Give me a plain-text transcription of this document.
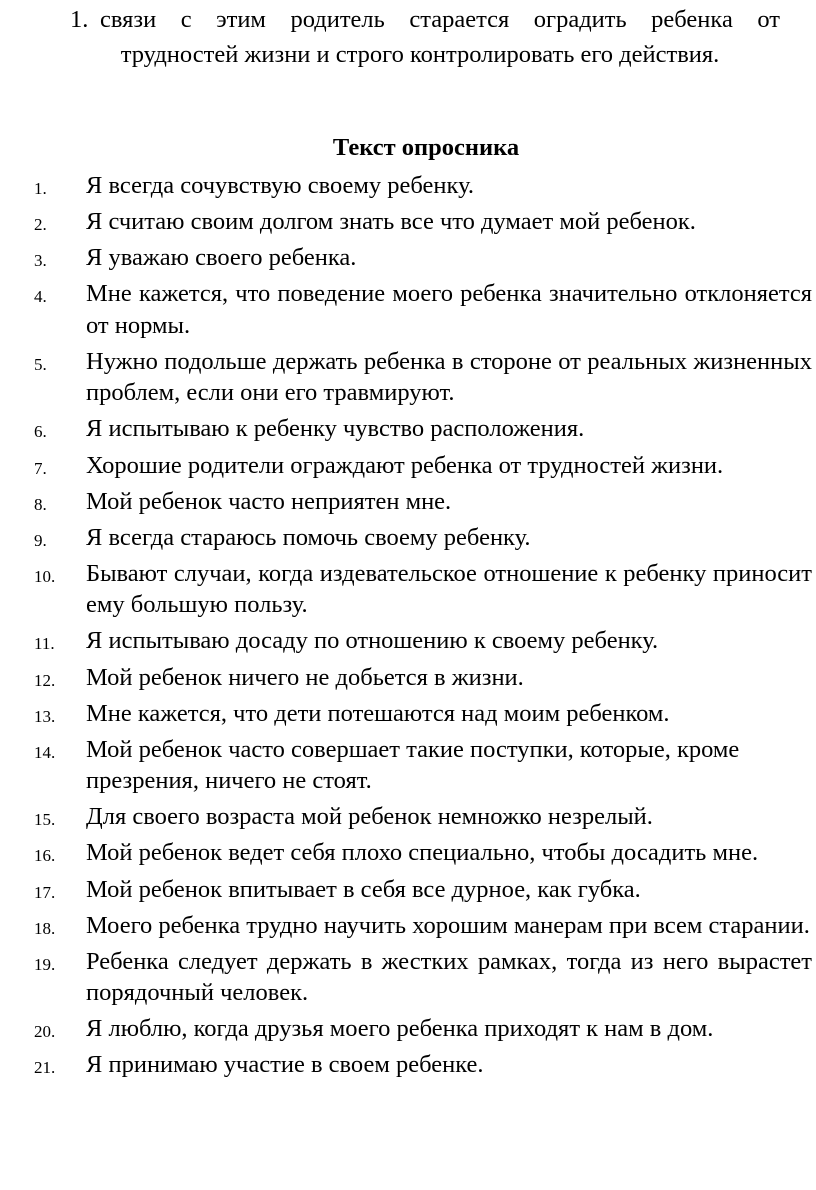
1. связи с этим родитель старается оградить ребенка от
трудностей жизни и строго контролировать его действия.
Текст опросника
1.	Я всегда сочувствую своему ребенку.
2.	Я считаю своим долгом знать все что думает мой ребенок.
3.	Я уважаю своего ребенка.
4.	Мне кажется, что поведение моего ребенка значительно отклоняется от нормы.
5.	Нужно подольше держать ребенка в стороне от реальных жизненных проблем, если они его травмируют.
6.	Я испытываю к ребенку чувство расположения.
7.	Хорошие родители ограждают ребенка от трудностей жизни.
8.	Мой ребенок часто неприятен мне.
9.	Я всегда стараюсь помочь своему ребенку.
10.	Бывают случаи, когда издевательское отношение к ребенку приносит ему большую пользу.
11.	Я испытываю досаду по отношению к своему ребенку.
12.	Мой ребенок ничего не добьется в жизни.
13.	Мне кажется, что дети потешаются над моим ребенком.
14.	Мой ребенок часто совершает такие поступки, которые, кроме презрения, ничего не стоят.
15.	Для своего возраста мой ребенок немножко незрелый.
16.	Мой ребенок ведет себя плохо специально, чтобы досадить мне.
17.	Мой ребенок впитывает в себя все дурное, как губка.
18.	Моего ребенка трудно научить хорошим манерам при всем старании.
19.	Ребенка следует держать в жестких рамках, тогда из него вырастет порядочный человек.
20.	Я люблю, когда друзья моего ребенка приходят к нам в дом.
21.	Я принимаю участие в своем ребенке.
